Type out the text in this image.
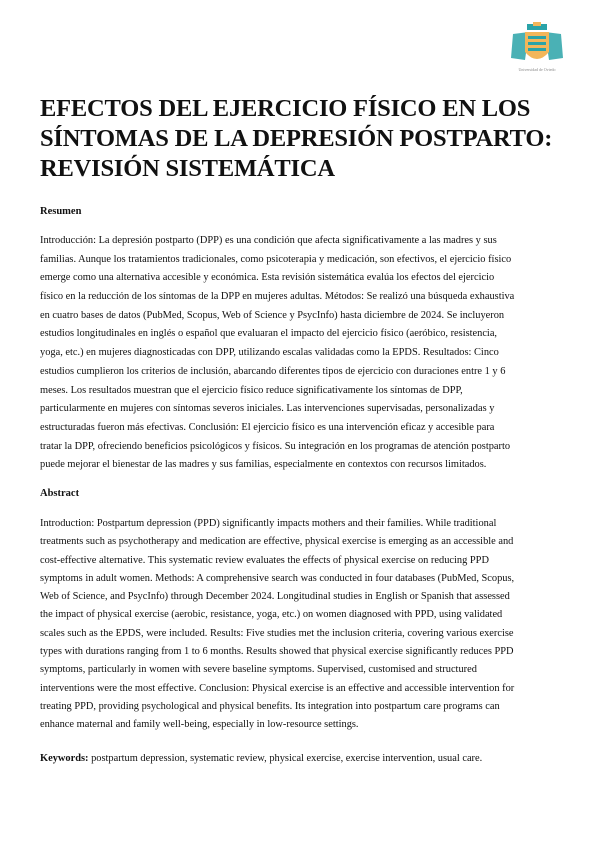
Universidad de Oviedo
EFECTOS DEL EJERCICIO FÍSICO EN LOS
SÍNTOMAS DE LA DEPRESIÓN POSTPARTO:
REVISIÓN SISTEMÁTICA
Resumen
Introducción: La depresión postparto (DPP) es una condición que afecta significativamente a las madres y sus
familias. Aunque los tratamientos tradicionales, como psicoterapia y medicación, son efectivos, el ejercicio físico
emerge como una alternativa accesible y económica. Esta revisión sistemática evalúa los efectos del ejercicio
físico en la reducción de los síntomas de la DPP en mujeres adultas. Métodos: Se realizó una búsqueda exhaustiva
en cuatro bases de datos (PubMed, Scopus, Web of Science y PsycInfo) hasta diciembre de 2024. Se incluyeron
estudios longitudinales en inglés o español que evaluaran el impacto del ejercicio físico (aeróbico, resistencia,
yoga, etc.) en mujeres diagnosticadas con DPP, utilizando escalas validadas como la EPDS. Resultados: Cinco
estudios cumplieron los criterios de inclusión, abarcando diferentes tipos de ejercicio con duraciones entre 1 y 6
meses. Los resultados muestran que el ejercicio físico reduce significativamente los síntomas de DPP,
particularmente en mujeres con síntomas severos iniciales. Las intervenciones supervisadas, personalizadas y
estructuradas fueron más efectivas. Conclusión: El ejercicio físico es una intervención eficaz y accesible para
tratar la DPP, ofreciendo beneficios psicológicos y físicos. Su integración en los programas de atención postparto
puede mejorar el bienestar de las madres y sus familias, especialmente en contextos con recursos limitados.
Abstract
Introduction: Postpartum depression (PPD) significantly impacts mothers and their families. While traditional
treatments such as psychotherapy and medication are effective, physical exercise is emerging as an accessible and
cost-effective alternative. This systematic review evaluates the effects of physical exercise on reducing PPD
symptoms in adult women. Methods: A comprehensive search was conducted in four databases (PubMed, Scopus,
Web of Science, and PsycInfo) through December 2024. Longitudinal studies in English or Spanish that assessed
the impact of physical exercise (aerobic, resistance, yoga, etc.) on women diagnosed with PPD, using validated
scales such as the EPDS, were included. Results: Five studies met the inclusion criteria, covering various exercise
types with durations ranging from 1 to 6 months. Results showed that physical exercise significantly reduces PPD
symptoms, particularly in women with severe baseline symptoms. Supervised, customised and structured
interventions were the most effective. Conclusion: Physical exercise is an effective and accessible intervention for
treating PPD, providing psychological and physical benefits. Its integration into postpartum care programs can
enhance maternal and family well-being, especially in low-resource settings.
Keywords: postpartum depression, systematic review, physical exercise, exercise intervention, usual care.
